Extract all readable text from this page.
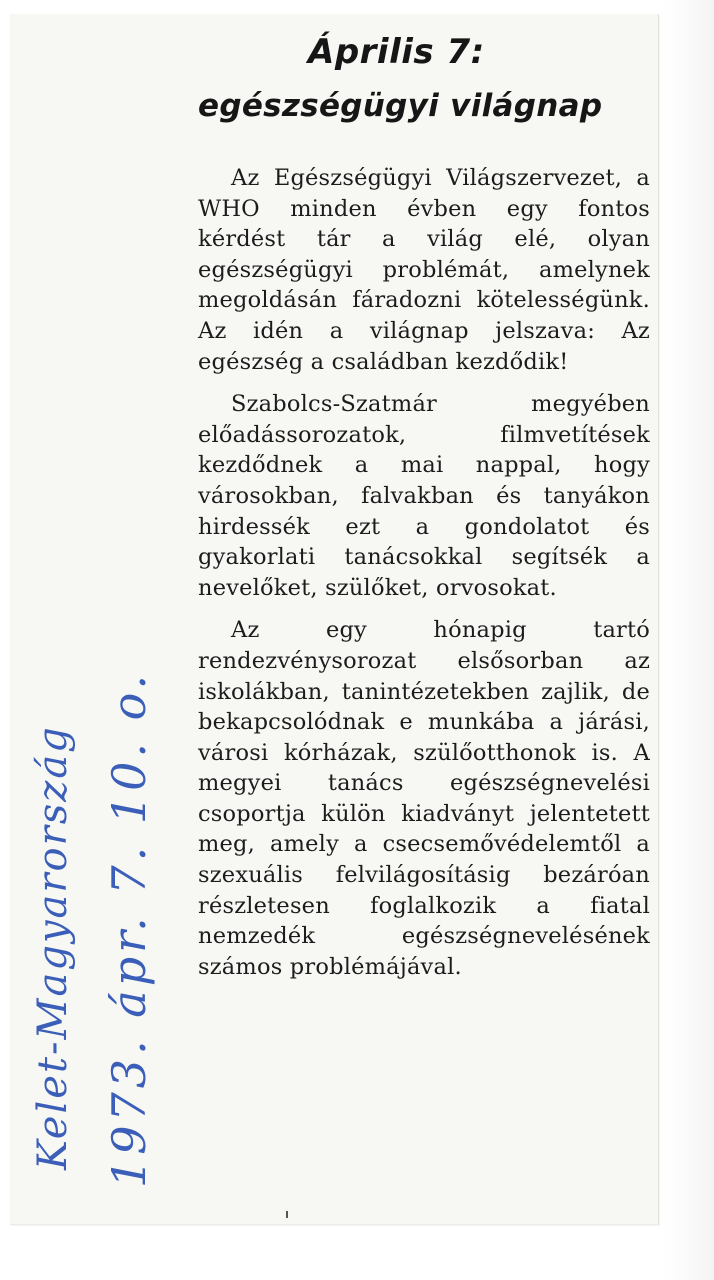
Április 7:
egészségügyi világnap

Az Egészségügyi Világszervezet, a WHO minden évben egy fontos kérdést tár a világ elé, olyan egészségügyi problémát, amelynek megoldásán fáradozni kötelességünk. Az idén a világnap jelszava: Az egészség a családban kezdődik!

Szabolcs-Szatmár megyében előadássorozatok, filmvetítések kezdődnek a mai nappal, hogy városokban, falvakban és tanyákon hirdessék ezt a gondolatot és gyakorlati tanácsokkal segítsék a nevelőket, szülőket, orvosokat.

Az egy hónapig tartó rendezvénysorozat elsősorban az iskolákban, tanintézetekben zajlik, de bekapcsolódnak e munkába a járási, városi kórházak, szülőotthonok is. A megyei tanács egészségnevelési csoportja külön kiadványt jelentetett meg, amely a csecsemővédelemtől a szexuális felvilágosításig bezáróan részletesen foglalkozik a fiatal nemzedék egészségnevelésének számos problémájával.

Kelet-Magyarország 1973. ápr. 7. 10. o.
